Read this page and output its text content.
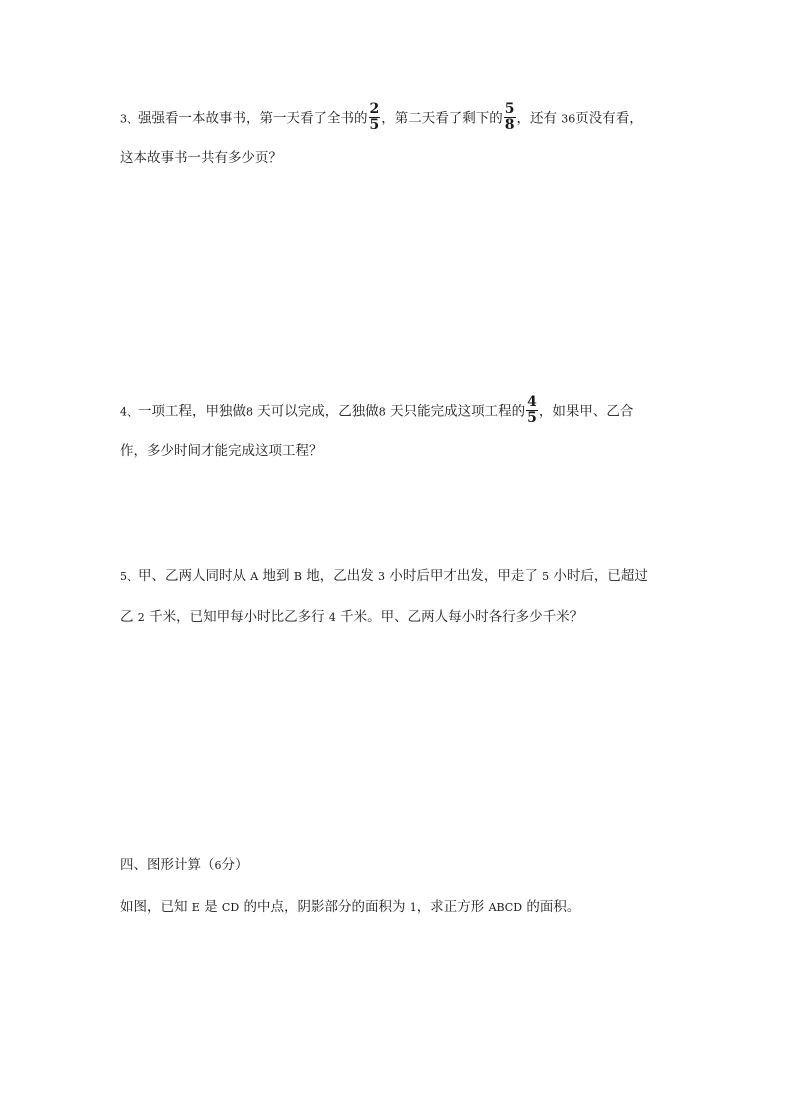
3、强强看一本故事书，第一天看了全书的 $\frac{2}{5}$ ，第二天看了剩下的 $\frac{5}{8}$ ，还有 36页没有看，
这本故事书一共有多少页？
4、一项工程，甲独做8 天可以完成，乙独做8 天只能完成这项工程的 $\frac{4}{5}$ ，如果甲、乙合
作，多少时间才能完成这项工程？
5、甲、乙两人同时从 A 地到 B 地，乙出发 3 小时后甲才出发，甲走了 5 小时后，已超过
乙 2 千米，已知甲每小时比乙多行 4 千米。甲、乙两人每小时各行多少千米？
四、图形计算（6分）
如图，已知 E 是 CD 的中点，阴影部分的面积为 1，求正方形 ABCD 的面积。
